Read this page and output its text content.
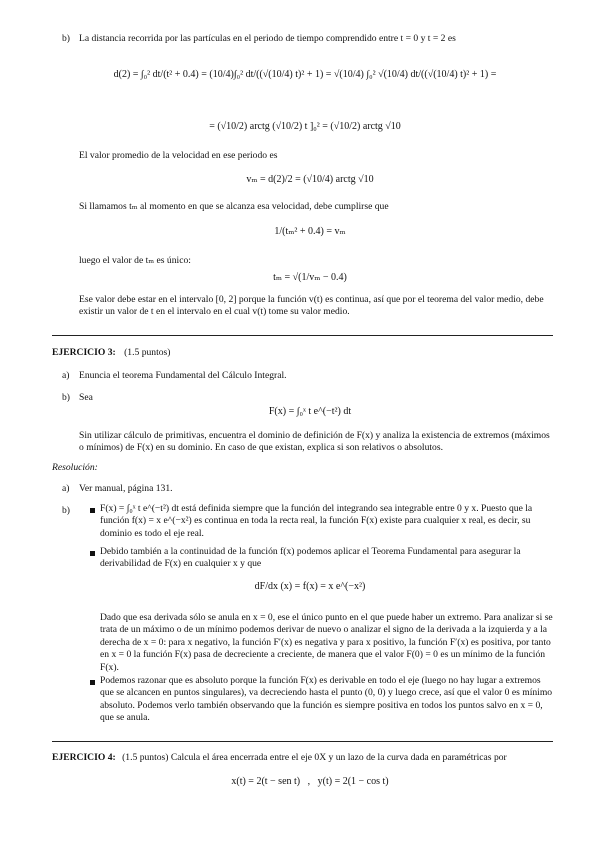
b) La distancia recorrida por las partículas en el periodo de tiempo comprendido entre t = 0 y t = 2 es
d(2) = ∫₀² dt/(t² + 0.4) = (10/4)∫₀² dt/((√(10/4) t)² + 1) = √(10/4) ∫₀² √(10/4) dt/((√(10/4) t)² + 1) =
= (√10/2) arctg (√10/2) t ]₀² = (√10/2) arctg √10
El valor promedio de la velocidad en ese periodo es
vₘ = d(2)/2 = (√10/4) arctg √10
Si llamamos tₘ al momento en que se alcanza esa velocidad, debe cumplirse que
1/(tₘ² + 0.4) = vₘ
luego el valor de tₘ es único:
tₘ = √(1/vₘ − 0.4)
Ese valor debe estar en el intervalo [0, 2] porque la función v(t) es continua, así que por el teorema del valor medio, debe existir un valor de t en el intervalo en el cual v(t) tome su valor medio.
EJERCICIO 3: (1.5 puntos)
a) Enuncia el teorema Fundamental del Cálculo Integral.
b) Sea
F(x) = ∫₀ˣ t e^(−t²) dt
Sin utilizar cálculo de primitivas, encuentra el dominio de definición de F(x) y analiza la existencia de extremos (máximos o mínimos) de F(x) en su dominio. En caso de que existan, explica si son relativos o absolutos.
Resolución:
a) Ver manual, página 131.
b)	F(x) = ∫₀ˣ t e^(−t²) dt está definida siempre que la función del integrando sea integrable entre 0 y x. Puesto que la función f(x) = x e^(−x²) es continua en toda la recta real, la función F(x) existe para cualquier x real, es decir, su dominio es todo el eje real.
Debido también a la continuidad de la función f(x) podemos aplicar el Teorema Fundamental para asegurar la derivabilidad de F(x) en cualquier x y que
dF/dx (x) = f(x) = x e^(−x²)
Dado que esa derivada sólo se anula en x = 0, ese el único punto en el que puede haber un extremo. Para analizar si se trata de un máximo o de un mínimo podemos derivar de nuevo o analizar el signo de la derivada a la izquierda y a la derecha de x = 0: para x negativo, la función F′(x) es negativa y para x positivo, la función F′(x) es positiva, por tanto en x = 0 la función F(x) pasa de decreciente a creciente, de manera que el valor F(0) = 0 es un mínimo de la función F(x).
Podemos razonar que es absoluto porque la función F(x) es derivable en todo el eje (luego no hay lugar a extremos que se alcancen en puntos singulares), va decreciendo hasta el punto (0, 0) y luego crece, así que el valor 0 es mínimo absoluto. Podemos verlo también observando que la función es siempre positiva en todos los puntos salvo en x = 0, que se anula.
EJERCICIO 4: (1.5 puntos) Calcula el área encerrada entre el eje 0X y un lazo de la curva dada en paramétricas por
x(t) = 2(t − sen t)   ,   y(t) = 2(1 − cos t)
